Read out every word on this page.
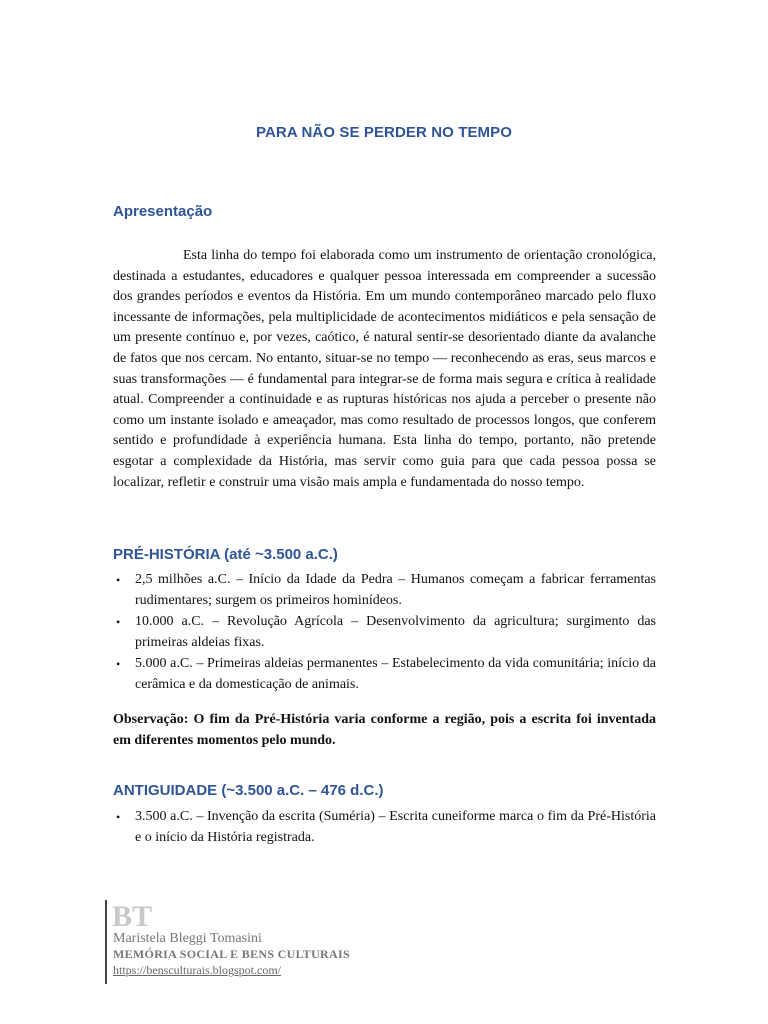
PARA NÃO SE PERDER NO TEMPO
Apresentação
Esta linha do tempo foi elaborada como um instrumento de orientação cronológica, destinada a estudantes, educadores e qualquer pessoa interessada em compreender a sucessão dos grandes períodos e eventos da História. Em um mundo contemporâneo marcado pelo fluxo incessante de informações, pela multiplicidade de acontecimentos midiáticos e pela sensação de um presente contínuo e, por vezes, caótico, é natural sentir-se desorientado diante da avalanche de fatos que nos cercam. No entanto, situar-se no tempo — reconhecendo as eras, seus marcos e suas transformações — é fundamental para integrar-se de forma mais segura e crítica à realidade atual. Compreender a continuidade e as rupturas históricas nos ajuda a perceber o presente não como um instante isolado e ameaçador, mas como resultado de processos longos, que conferem sentido e profundidade à experiência humana. Esta linha do tempo, portanto, não pretende esgotar a complexidade da História, mas servir como guia para que cada pessoa possa se localizar, refletir e construir uma visão mais ampla e fundamentada do nosso tempo.
PRÉ-HISTÓRIA (até ~3.500 a.C.)
• 2,5 milhões a.C. – Início da Idade da Pedra – Humanos começam a fabricar ferramentas rudimentares; surgem os primeiros hominídeos.
• 10.000 a.C. – Revolução Agrícola – Desenvolvimento da agricultura; surgimento das primeiras aldeias fixas.
• 5.000 a.C. – Primeiras aldeias permanentes – Estabelecimento da vida comunitária; início da cerâmica e da domesticação de animais.
Observação: O fim da Pré-História varia conforme a região, pois a escrita foi inventada em diferentes momentos pelo mundo.
ANTIGUIDADE (~3.500 a.C. – 476 d.C.)
• 3.500 a.C. – Invenção da escrita (Suméria) – Escrita cuneiforme marca o fim da Pré-História e o início da História registrada.
BT
Maristela Bleggi Tomasini
MEMÓRIA SOCIAL E BENS CULTURAIS
https://bensculturais.blogspot.com/
